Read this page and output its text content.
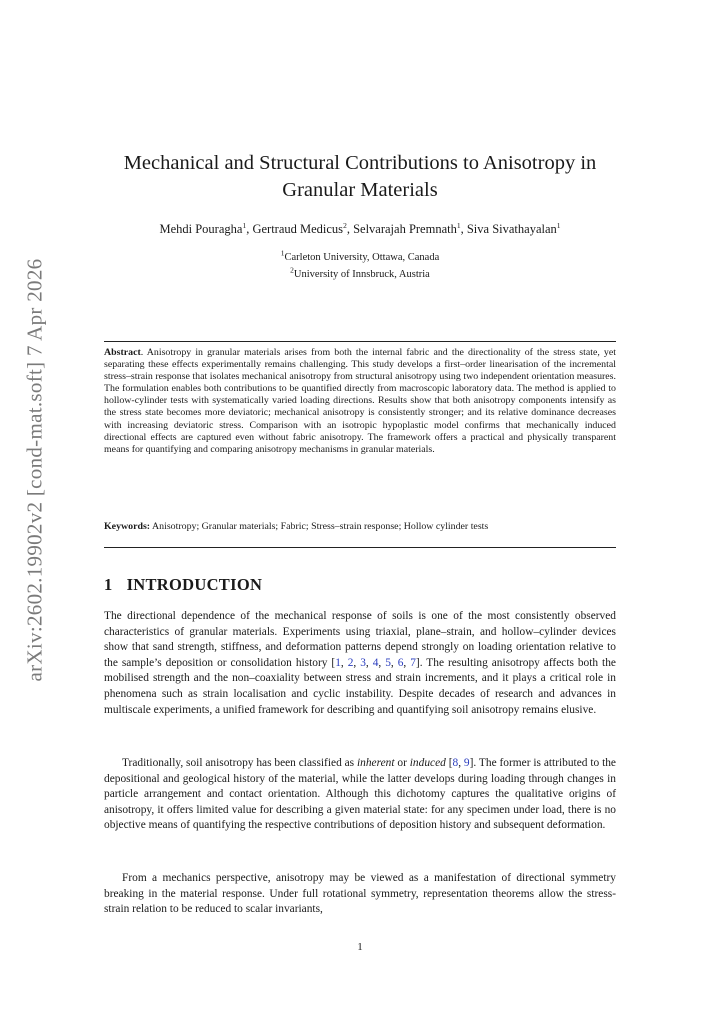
arXiv:2602.19902v2 [cond-mat.soft] 7 Apr 2026
Mechanical and Structural Contributions to Anisotropy in
Granular Materials
Mehdi Pouragha$^1$, Gertraud Medicus$^2$, Selvarajah Premnath$^1$, Siva Sivathayalan$^1$
$^1$Carleton University, Ottawa, Canada
$^2$University of Innsbruck, Austria
Abstract. Anisotropy in granular materials arises from both the internal fabric and the directionality of the stress state, yet separating these effects experimentally remains challenging. This study develops a first–order linearisation of the incremental stress–strain response that isolates mechanical anisotropy from structural anisotropy using two independent orientation measures. The formulation enables both contributions to be quantified directly from macroscopic laboratory data. The method is applied to hollow-cylinder tests with systematically varied loading directions. Results show that both anisotropy components intensify as the stress state becomes more deviatoric; mechanical anisotropy is consistently stronger; and its relative dominance decreases with increasing deviatoric stress. Comparison with an isotropic hypoplastic model confirms that mechanically induced directional effects are captured even without fabric anisotropy. The framework offers a practical and physically transparent means for quantifying and comparing anisotropy mechanisms in granular materials.
Keywords: Anisotropy; Granular materials; Fabric; Stress–strain response; Hollow cylinder tests
1 INTRODUCTION
The directional dependence of the mechanical response of soils is one of the most consistently observed characteristics of granular materials. Experiments using triaxial, plane–strain, and hollow–cylinder devices show that sand strength, stiffness, and deformation patterns depend strongly on loading orientation relative to the sample’s deposition or consolidation history [1, 2, 3, 4, 5, 6, 7]. The resulting anisotropy affects both the mobilised strength and the non–coaxiality between stress and strain increments, and it plays a critical role in phenomena such as strain localisation and cyclic instability. Despite decades of research and advances in multiscale experiments, a unified framework for describing and quantifying soil anisotropy remains elusive.
Traditionally, soil anisotropy has been classified as inherent or induced [8, 9]. The former is attributed to the depositional and geological history of the material, while the latter develops during loading through changes in particle arrangement and contact orientation. Although this dichotomy captures the qualitative origins of anisotropy, it offers limited value for describing a given material state: for any specimen under load, there is no objective means of quantifying the respective contributions of deposition history and subsequent deformation.
From a mechanics perspective, anisotropy may be viewed as a manifestation of directional symmetry breaking in the material response. Under full rotational symmetry, representation theorems allow the stress-strain relation to be reduced to scalar invariants,
1
